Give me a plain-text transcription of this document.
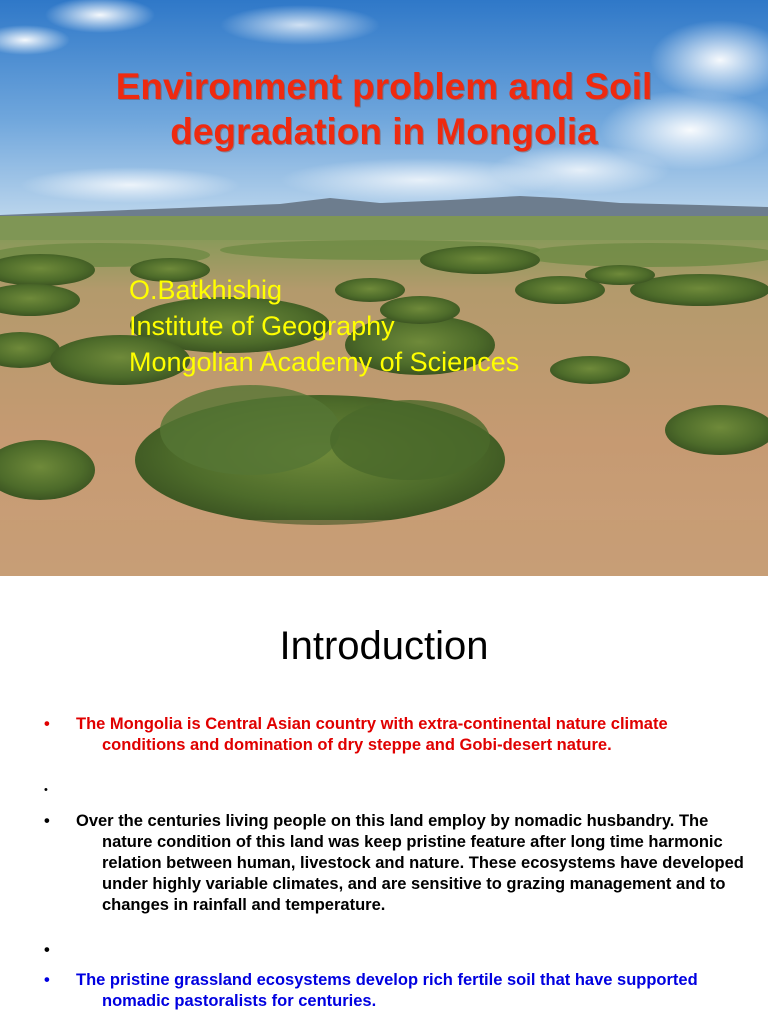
Environment problem and Soil
degradation in Mongolia
O.Batkhishig
Institute of Geography
Mongolian Academy of Sciences
Introduction
• The Mongolia is Central Asian country with extra-continental nature climate conditions and domination of dry steppe and Gobi-desert nature.
•
• Over the centuries living people on this land employ by nomadic husbandry. The nature condition of this land was keep pristine feature after long time harmonic relation between human, livestock and nature. These ecosystems have developed under highly variable climates, and are sensitive to grazing management and to changes in rainfall and temperature.
•
• The pristine grassland ecosystems develop rich fertile soil that have supported nomadic pastoralists for centuries.
